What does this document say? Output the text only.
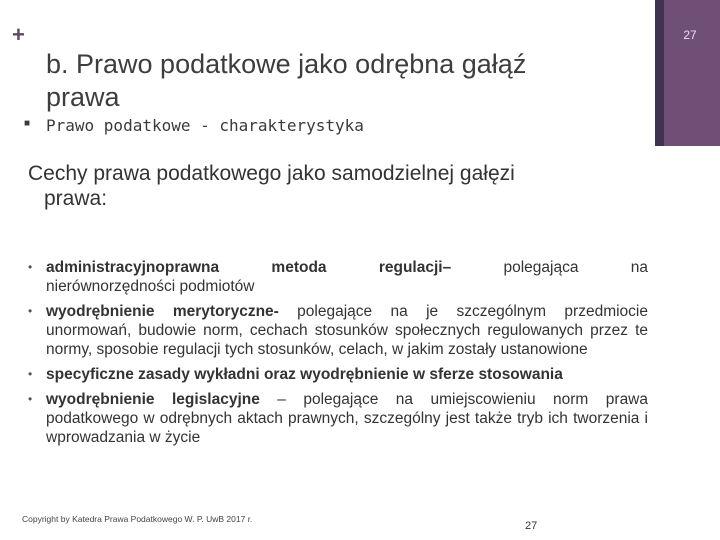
+	27
b. Prawo podatkowe jako odrębna gałąź
prawa
■ Prawo podatkowe - charakterystyka
Cechy prawa podatkowego jako samodzielnej gałęzi
prawa:
• administracyjnoprawna metoda regulacji– polegająca na
nierównorzędności podmiotów
• wyodrębnienie merytoryczne- polegające na je szczególnym przedmiocie unormowań, budowie norm, cechach stosunków społecznych regulowanych przez te normy, sposobie regulacji tych stosunków, celach, w jakim zostały ustanowione
• specyficzne zasady wykładni oraz wyodrębnienie w sferze stosowania
• wyodrębnienie legislacyjne – polegające na umiejscowieniu norm prawa podatkowego w odrębnych aktach prawnych, szczególny jest także tryb ich tworzenia i wprowadzania w życie
Copyright by Katedra Prawa Podatkowego W. P. UwB 2017 r.
27
